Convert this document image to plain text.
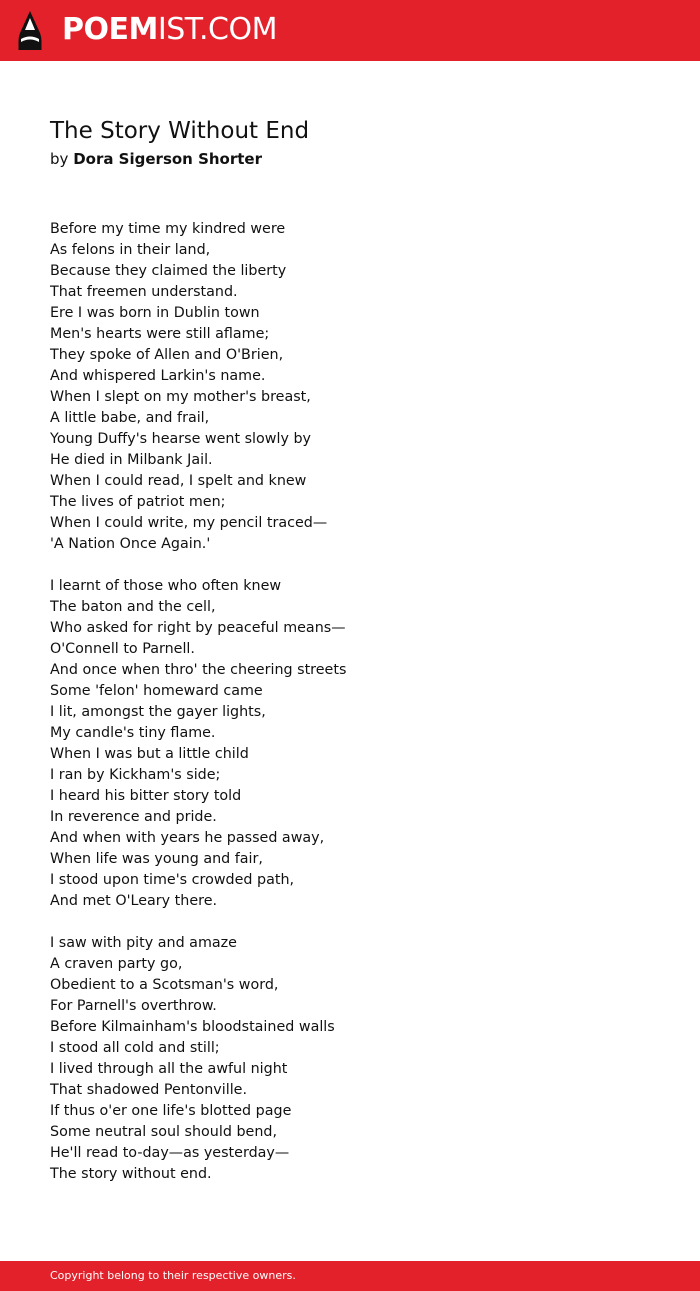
POEMIST.COM
The Story Without End
by Dora Sigerson Shorter
Before my time my kindred were
As felons in their land,
Because they claimed the liberty
That freemen understand.
Ere I was born in Dublin town
Men's hearts were still aflame;
They spoke of Allen and O'Brien,
And whispered Larkin's name.
When I slept on my mother's breast,
A little babe, and frail,
Young Duffy's hearse went slowly by
He died in Milbank Jail.
When I could read, I spelt and knew
The lives of patriot men;
When I could write, my pencil traced—
'A Nation Once Again.'
I learnt of those who often knew
The baton and the cell,
Who asked for right by peaceful means—
O'Connell to Parnell.
And once when thro' the cheering streets
Some 'felon' homeward came
I lit, amongst the gayer lights,
My candle's tiny flame.
When I was but a little child
I ran by Kickham's side;
I heard his bitter story told
In reverence and pride.
And when with years he passed away,
When life was young and fair,
I stood upon time's crowded path,
And met O'Leary there.
I saw with pity and amaze
A craven party go,
Obedient to a Scotsman's word,
For Parnell's overthrow.
Before Kilmainham's bloodstained walls
I stood all cold and still;
I lived through all the awful night
That shadowed Pentonville.
If thus o'er one life's blotted page
Some neutral soul should bend,
He'll read to-day—as yesterday—
The story without end.
Copyright belong to their respective owners.
